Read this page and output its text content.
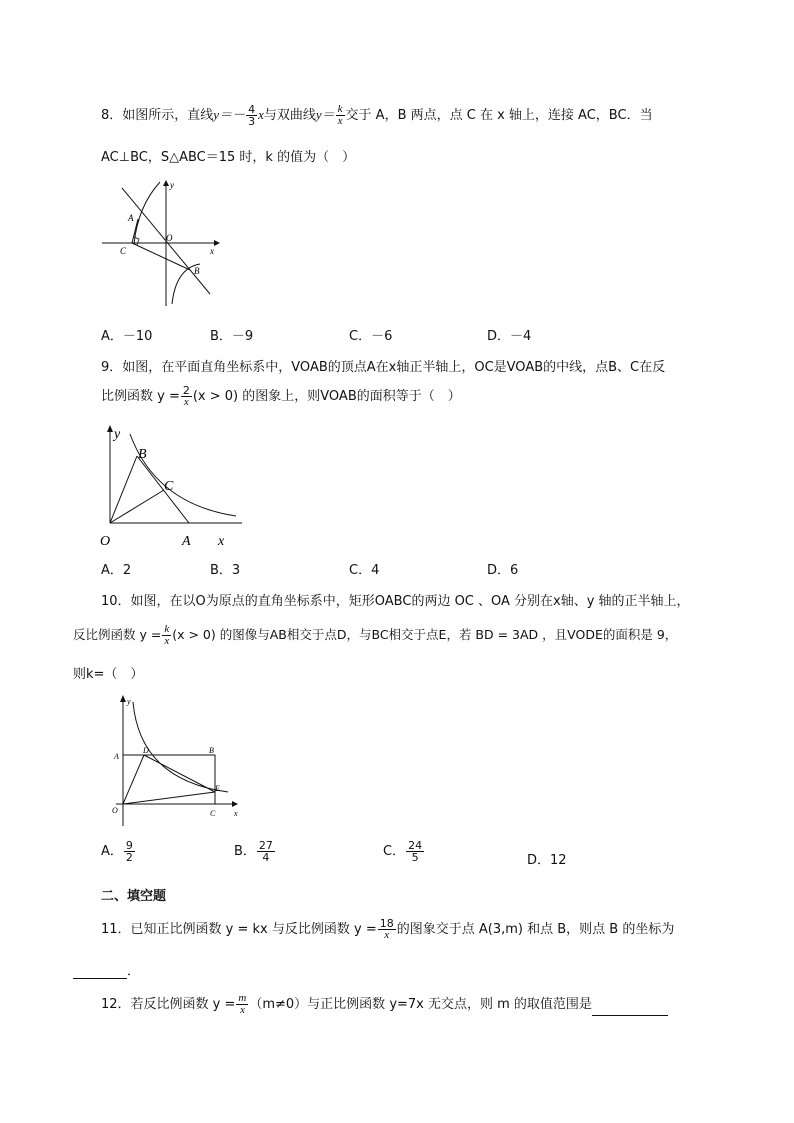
8．如图所示，直线$y=- \frac{4}{3}$ x与双曲线$y= \frac{k}{x}$ 交于 A，B 两点，点 C 在 x 轴上，连接 AC，BC．当
AC⊥BC，S△ABC＝15 时，k 的值为（　）
y
A
O
C	x
B
A．－10	B．－9	C．－6	D．－4
9．如图，在平面直角坐标系中，VOAB的顶点A在x轴正半轴上，OC是VOAB的中线，点B、C在反
比例函数 $y = \frac{2}{x} (x > 0)$ 的图象上，则VOAB的面积等于（　）
y
B
C
O	A x
A．2	B．3	C．4	D．6
10．如图，在以O为原点的直角坐标系中，矩形OABC的两边 OC 、OA 分别在x轴、y 轴的正半轴上，
反比例函数 $y = \frac{k}{x} (x > 0)$ 的图像与AB相交于点D，与BC相交于点E，若 BD = 3AD ，且VODE的面积是 9，
则k=（　）
y
A
D	B
E
O	C x
A． $\frac{9}{2}$	B． $\frac{27}{4}$	C． $\frac{24}{5}$	D．12
二、填空题
11．已知正比例函数 y = kx 与反比例函数 $y = \frac{18}{x}$ 的图象交于点 A(3,m) 和点 B，则点 B 的坐标为
．
12．若反比例函数 $y = \frac{m}{x} (m\ne 0)$与正比例函数 y=7x 无交点，则 m 的取值范围是
